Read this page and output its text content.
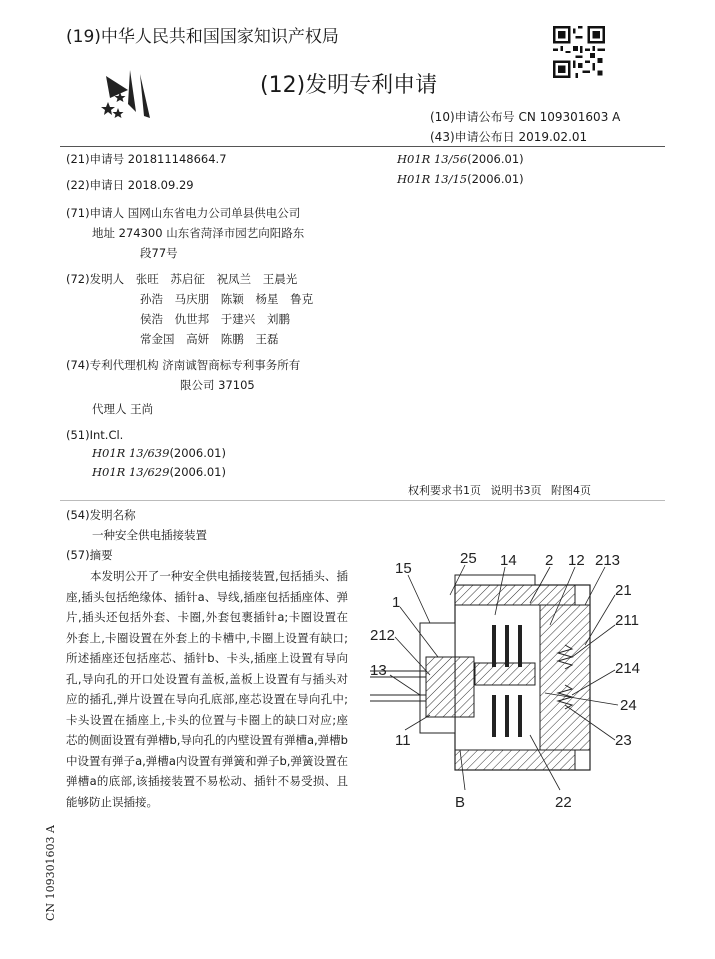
(19)中华人民共和国国家知识产权局
(12)发明专利申请
(10)申请公布号 CN 109301603 A
(43)申请公布日 2019.02.01
(21)申请号 201811148664.7
(22)申请日 2018.09.29
(71)申请人 国网山东省电力公司单县供电公司
地址 274300 山东省菏泽市园艺向阳路东
段77号
(72)发明人 张旺 苏启征 祝凤兰 王晨光
孙浩 马庆朋 陈颖 杨星 鲁克
侯浩 仇世邦 于建兴 刘鹏
常金国 高妍 陈鹏 王磊
(74)专利代理机构 济南诚智商标专利事务所有
限公司 37105
代理人 王尚
(51)Int.Cl.
H01R 13/639(2006.01)
H01R 13/629(2006.01)
H01R 13/56(2006.01)
H01R 13/15(2006.01)
权利要求书1页 说明书3页 附图4页
(54)发明名称
一种安全供电插接装置
(57)摘要

本发明公开了一种安全供电插接装置,包括插头、插座,插头包括绝缘体、插针a、导线,插座包括插座体、弹片,插头还包括外套、卡圈,外套包裹插针a;卡圈设置在外套上,卡圈设置在外套上的卡槽中,卡圈上设置有缺口;所述插座还包括座芯、插针b、卡头,插座上设置有导向孔,导向孔的开口处设置有盖板,盖板上设置有与插头对应的插孔,弹片设置在导向孔底部,座芯设置在导向孔中;卡头设置在插座上,卡头的位置与卡圈上的缺口对应;座芯的侧面设置有弹槽b,导向孔的内壁设置有弹槽a,弹槽b中设置有弹子a,弹槽a内设置有弹簧和弹子b,弹簧设置在弹槽a的底部,该插接装置不易松动、插针不易受损、且能够防止误插接。

CN 109301603 A
25 14 2 12 213
15
21
1
211
212
13	214
24
11	23
B	22
